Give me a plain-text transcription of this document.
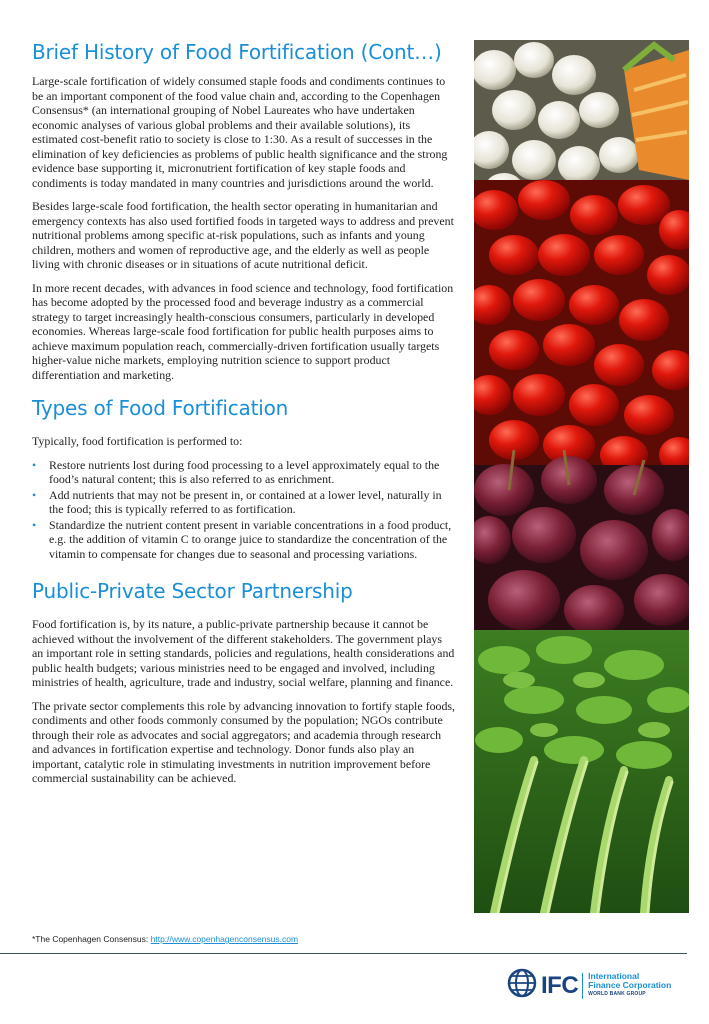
Brief History of Food Fortification (Cont…)

Large-scale fortification of widely consumed staple foods and condiments continues to be an important component of the food value chain and, according to the Copenhagen Consensus* (an international grouping of Nobel Laureates who have undertaken economic analyses of various global problems and their available solutions), its estimated cost-benefit ratio to society is close to 1:30. As a result of successes in the elimination of key deficiencies as problems of public health significance and the strong evidence base supporting it, micronutrient fortification of key staple foods and condiments is today mandated in many countries and jurisdictions around the world.

Besides large-scale food fortification, the health sector operating in humanitarian and emergency contexts has also used fortified foods in targeted ways to address and prevent nutritional problems among specific at-risk populations, such as infants and young children, mothers and women of reproductive age, and the elderly as well as people living with chronic diseases or in situations of acute nutritional deficit.

In more recent decades, with advances in food science and technology, food fortification has become adopted by the processed food and beverage industry as a commercial strategy to target increasingly health-conscious consumers, particularly in developed economies. Whereas large-scale food fortification for public health purposes aims to achieve maximum population reach, commercially-driven fortification usually targets higher-value niche markets, employing nutrition science to support product differentiation and marketing.

Types of Food Fortification

Typically, food fortification is performed to:

• Restore nutrients lost during food processing to a level approximately equal to the food’s natural content; this is also referred to as enrichment.
• Add nutrients that may not be present in, or contained at a lower level, naturally in the food; this is typically referred to as fortification.
• Standardize the nutrient content present in variable concentrations in a food product, e.g. the addition of vitamin C to orange juice to standardize the concentration of the vitamin to compensate for changes due to seasonal and processing variations.
Public-Private Sector Partnership

Food fortification is, by its nature, a public-private partnership because it cannot be achieved without the involvement of the different stakeholders. The government plays an important role in setting standards, policies and regulations, health considerations and public health budgets; various ministries need to be engaged and involved, including ministries of health, agriculture, trade and industry, social welfare, planning and finance.

The private sector complements this role by advancing innovation to fortify staple foods, condiments and other foods commonly consumed by the population; NGOs contribute through their role as advocates and social aggregators; and academia through research and advances in fortification expertise and technology. Donor funds also play an important, catalytic role in stimulating investments in nutrition improvement before commercial sustainability can be achieved.

*The Copenhagen Consensus: http://www.copenhagenconsensus.com
IFC International
Finance Corporation
WORLD BANK GROUP
